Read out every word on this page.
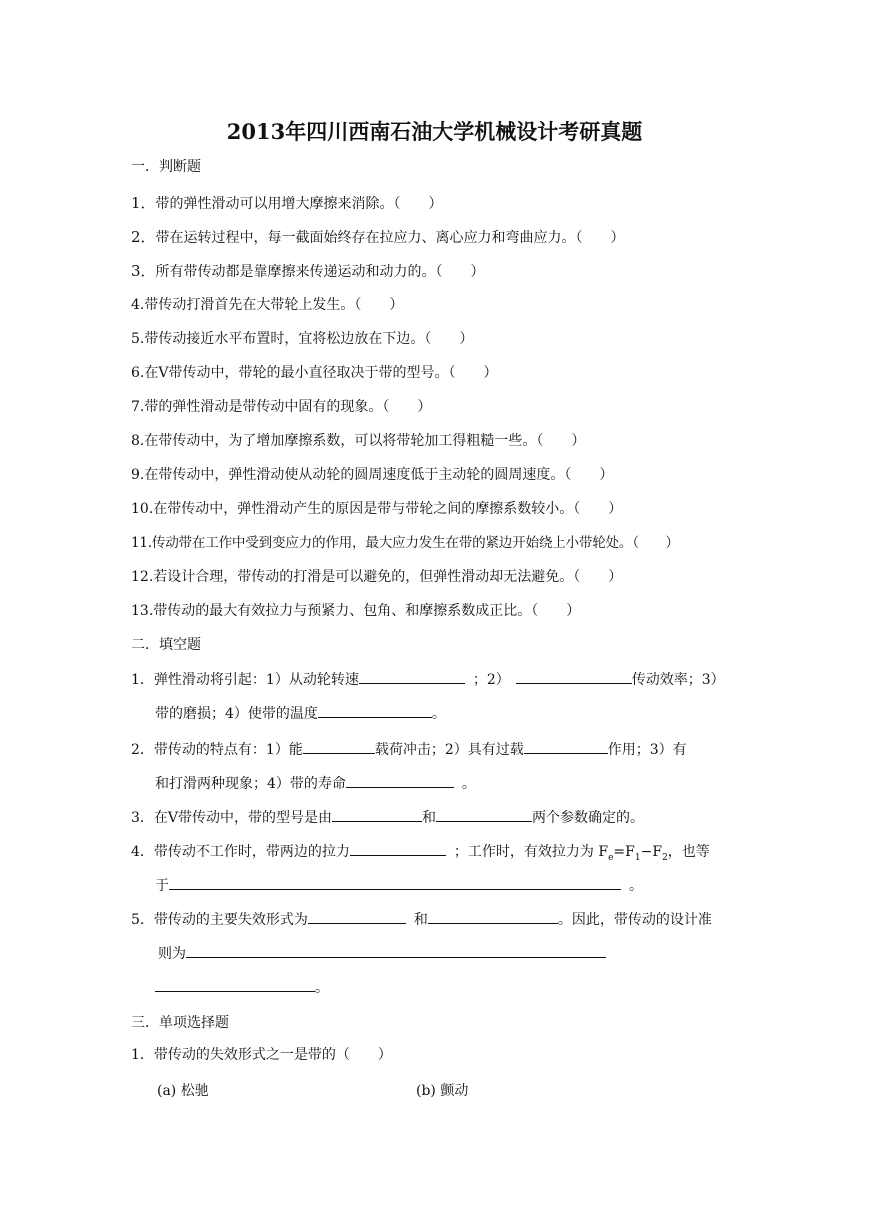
2013年四川西南石油大学机械设计考研真题
一．判断题
1．带的弹性滑动可以用增大摩擦来消除。（　　）
2．带在运转过程中，每一截面始终存在拉应力、离心应力和弯曲应力。（　　）
3．所有带传动都是靠摩擦来传递运动和动力的。（　　）
4.带传动打滑首先在大带轮上发生。（　　）
5.带传动接近水平布置时，宜将松边放在下边。（　　）
6.在Ⅴ带传动中，带轮的最小直径取决于带的型号。（　　）
7.带的弹性滑动是带传动中固有的现象。（　　）
8.在带传动中，为了增加摩擦系数，可以将带轮加工得粗糙一些。（　　）
9.在带传动中，弹性滑动使从动轮的圆周速度低于主动轮的圆周速度。（　　）
10.在带传动中，弹性滑动产生的原因是带与带轮之间的摩擦系数较小。（　　）
11.传动带在工作中受到变应力的作用，最大应力发生在带的紧边开始绕上小带轮处。（　　）
12.若设计合理，带传动的打滑是可以避免的，但弹性滑动却无法避免。（　　）
13.带传动的最大有效拉力与预紧力、包角、和摩擦系数成正比。（　　）
二．填空题
1．弹性滑动将引起：1）从动轮转速	；2）	传动效率；3）
带的磨损；4）使带的温度	。
2．带传动的特点有：1）能	载荷冲击；2）具有过载	作用；3）有
和打滑两种现象；4）带的寿命	。
3．在Ⅴ带传动中，带的型号是由	和	两个参数确定的。
4．带传动不工作时，带两边的拉力	；工作时，有效拉力为 $F_e=F_1-F_2$，也等
于	。
5．带传动的主要失效形式为	和	。因此，带传动的设计准
则为
。
三．单项选择题
1．带传动的失效形式之一是带的（　　）
(a) 松驰	(b) 颤动
